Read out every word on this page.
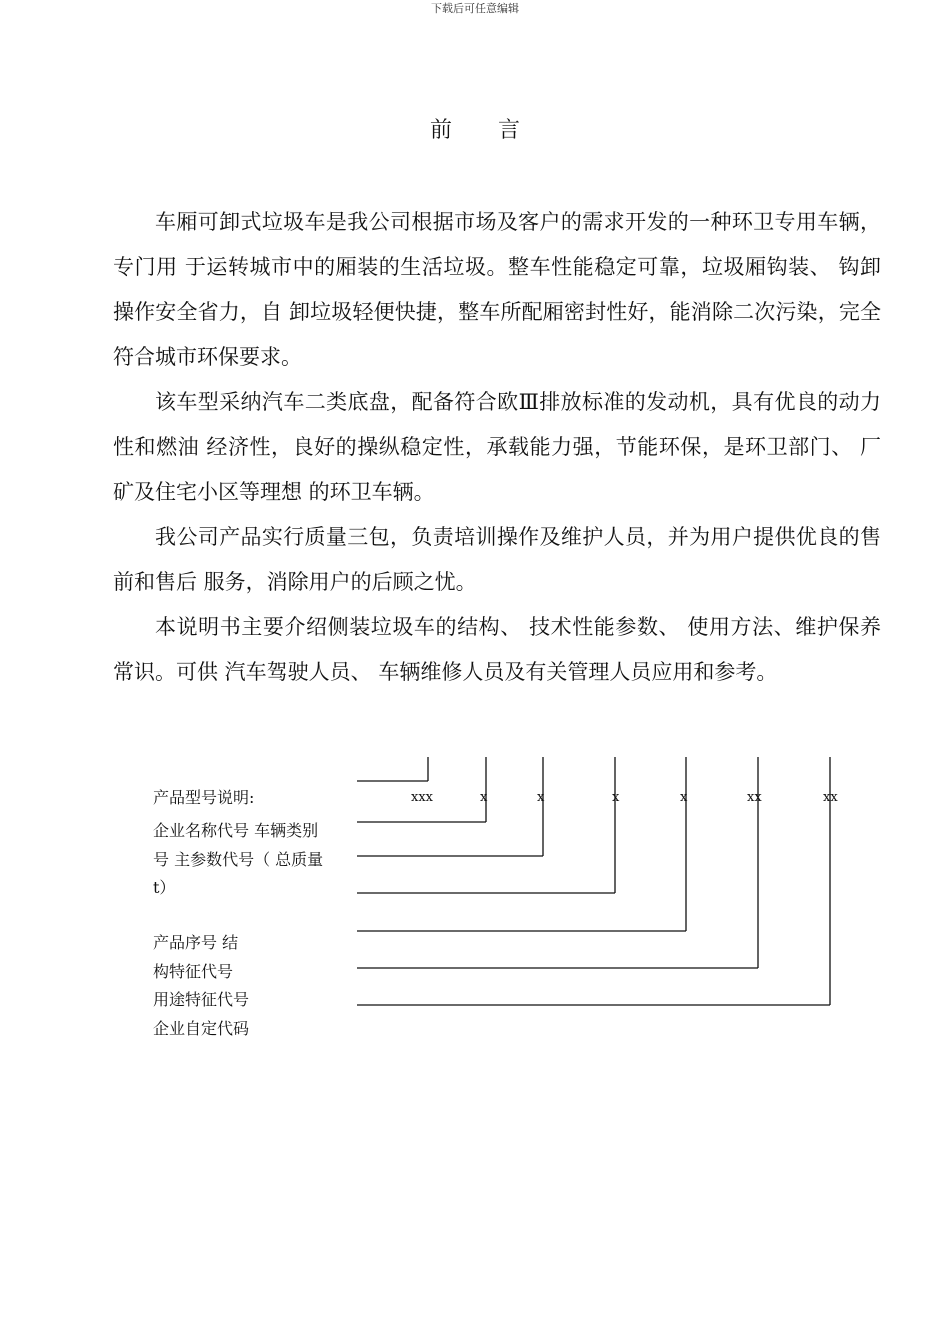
下载后可任意编辑
前言

车厢可卸式垃圾车是我公司根据市场及客户的需求开发的一种环卫专用车辆，专门用 于运转城市中的厢装的生活垃圾。整车性能稳定可靠，垃圾厢钩装、 钩卸操作安全省力，自 卸垃圾轻便快捷，整车所配厢密封性好，能消除二次污染，完全符合城市环保要求。

该车型采纳汽车二类底盘，配备符合欧Ⅲ排放标准的发动机，具有优良的动力性和燃油 经济性，良好的操纵稳定性，承载能力强，节能环保，是环卫部门、 厂矿及住宅小区等理想 的环卫车辆。

我公司产品实行质量三包，负责培训操作及维护人员，并为用户提供优良的售前和售后 服务，消除用户的后顾之忧。

本说明书主要介绍侧装垃圾车的结构、 技术性能参数、 使用方法、维护保养常识。可供 汽车驾驶人员、 车辆维修人员及有关管理人员应用和参考。

产品型号说明:
企业名称代号 车辆类别
号 主参数代号（ 总质量
t）
产品序号 结
构特征代号
用途特征代号
企业自定代码
xxx	x	x	x	x	xx	xx
